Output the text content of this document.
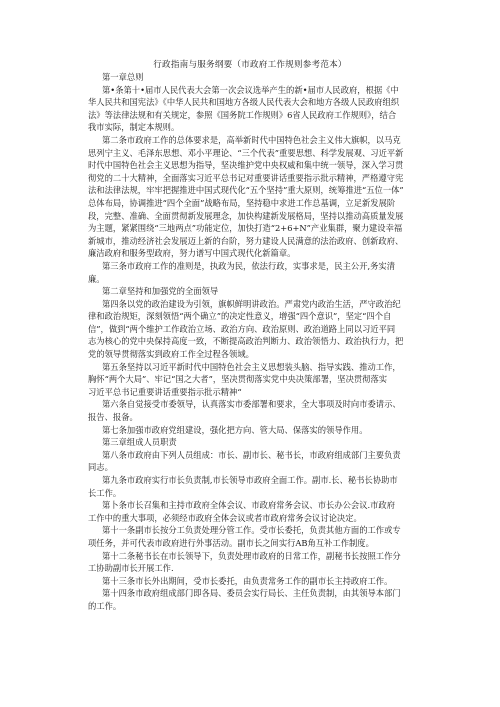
行政指南与服务纲要（市政府工作规则参考范本）
第一章总则
第•条第十•届市人民代表大会第一次会议选举产生的新•届市人民政府，根据《中
华人民共和国宪法》《中华人民共和国地方各级人民代表大会和地方各级人民政府组织
法》等法律法规和有关规定，参照《国务院工作规则》6省人民政府工作规则》，结合
我市实际，制定本规则。
第二条市政府工作的总体要求是，高举新时代中国特色社会主义伟大旗帜，以马克
思列宁主义、毛泽东思想、邓小平理论、“三个代表”重要思想、科学发展观、习近平新
时代中国特色社会主义思想为指导，坚决维护党中央权威和集中统一领导，深入学习贯
彻党的二十大精神，全面落实习近平总书记对重要讲话重要指示批示精神，严格遵守宪
法和法律法规，牢牢把握推进中国式现代化“五个坚持”重大原则，统筹推进“五位一体”
总体布局，协调推进“四个全面”战略布局，坚持稳中求进工作总基调，立足新发展阶
段，完整、准确、全面贯彻新发展理念，加快构建新发展格局，坚持以推动高质量发展
为主题，紧紧围绕“三地两点”功能定位，加快打造“2+6+N”产业集群，聚力建设幸福
新城市，推动经济社会发展迈上新的台阶，努力建设人民满意的法治政府、创新政府、
廉洁政府和服务型政府，努力谱写中国式现代化新篇章。
第三条市政府工作的准则是，执政为民，依法行政，实事求是，民主公开,务实清
廉。
第二章坚持和加强党的全面领导
第四条以党的政治建设为引领，旗帜鲜明讲政治。严肃党内政治生活，严守政治纪
律和政治规矩，深刻领悟“两个确立”的决定性意义，增强“四个意识”，坚定“四个自
信”，做到“两个维护工作政治立场、政治方向、政治原则、政治道路上同以习近平同
志为核心的党中央保持高度一致，不断提高政治判断力、政治领悟力、政治执行力，把
党的领导贯彻落实到政府工作全过程各领域。
第五条坚持以习近平新时代中国特色社会主义思想装头脑、指导实践、推动工作，
胸怀“两个大局”、牢记“国之大者”，坚决贯彻落实党中央决策部署，坚决贯彻落实
习近平总书记重要讲话重要指示批示精神“
第六条自觉接受市委领导，认真落实市委部署和要求，全大事项及时向市委请示、
报告、报备。
第七条加强市政府党组建设，强化把方向、管大局、保落实的领导作用。
第三章组成人员职责
第八条市政府由下列人员组成：市长、副市长、秘书长，市政府组成部门主要负责
同志。
第九条市政府实行市长负责制,市长领导市政府全面工作。副市.长、秘书长协助市
长工作。
第卜条市长召集和主持市政府全体会议、市政府常务会议、市长办公会议.市政府
工作中的重大事项，必须经市政府全体会议或者市政府常务会议讨论决定。
第十一条副市长按分工负责处理分管工作。受市长委托，负责其他方面的工作或专
项任务，并可代表市政府进行外事活动。副市长之间实行AB角互补工作制度。
第十二条秘书长在市长领导下，负责处理市政府的日常工作，副秘书长按照工作分
工协助副市长开展工作.
第十三条市长外出期间，受市长委托，由负责常务工作的副市长主持政府工作。
第十四条市政府组成部门即各局、委员会实行局长、主任负责制，由其领导本部门
的工作。
